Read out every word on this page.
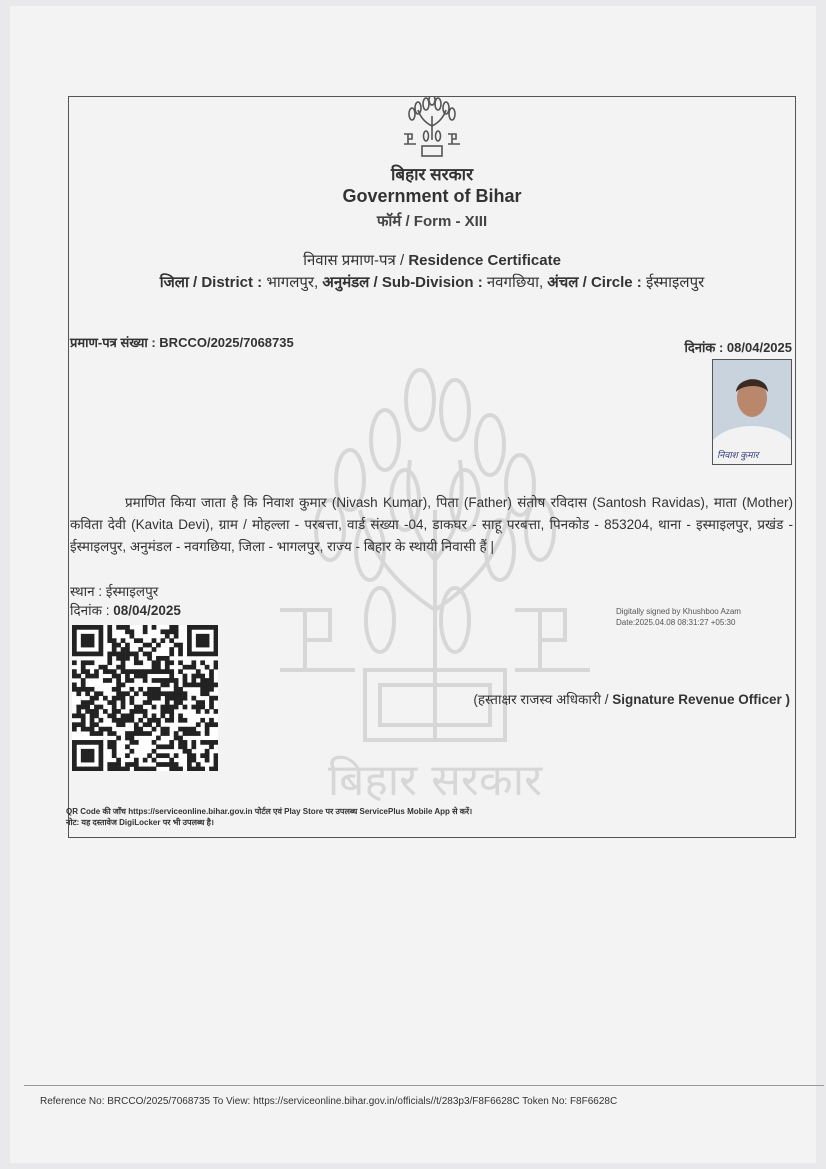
बिहार सरकार
बिहार सरकार
Government of Bihar
फॉर्म / Form - XIII
निवास प्रमाण-पत्र / Residence Certificate
जिला / District : भागलपुर, अनुमंडल / Sub-Division : नवगछिया, अंचल / Circle : ईस्माइलपुर
प्रमाण-पत्र संख्या : BRCCO/2025/7068735	दिनांक : 08/04/2025
निवाश कुमार
प्रमाणित किया जाता है कि निवाश कुमार (Nivash Kumar), पिता (Father) संतोष रविदास (Santosh Ravidas), माता (Mother) कविता देवी (Kavita Devi), ग्राम / मोहल्ला - परबत्ता, वार्ड संख्या -04, डाकघर - साहू परबत्ता, पिनकोड - 853204, थाना - इस्माइलपुर, प्रखंड - ईस्माइलपुर, अनुमंडल - नवगछिया, जिला - भागलपुर, राज्य - बिहार के स्थायी निवासी हैं |
स्थान : ईस्माइलपुर
दिनांक : 08/04/2025	Digitally signed by Khushboo Azam
Date:2025.04.08 08:31:27 +05:30
(हस्ताक्षर राजस्व अधिकारी / Signature Revenue Officer )
QR Code की जाँच https://serviceonline.bihar.gov.in पोर्टल एवं Play Store पर उपलब्ध ServicePlus Mobile App से करें।
नोट: यह दस्तावेज DigiLocker पर भी उपलब्ध है।
Reference No: BRCCO/2025/7068735 To View: https://serviceonline.bihar.gov.in/officials//t/283p3/F8F6628C Token No: F8F6628C
